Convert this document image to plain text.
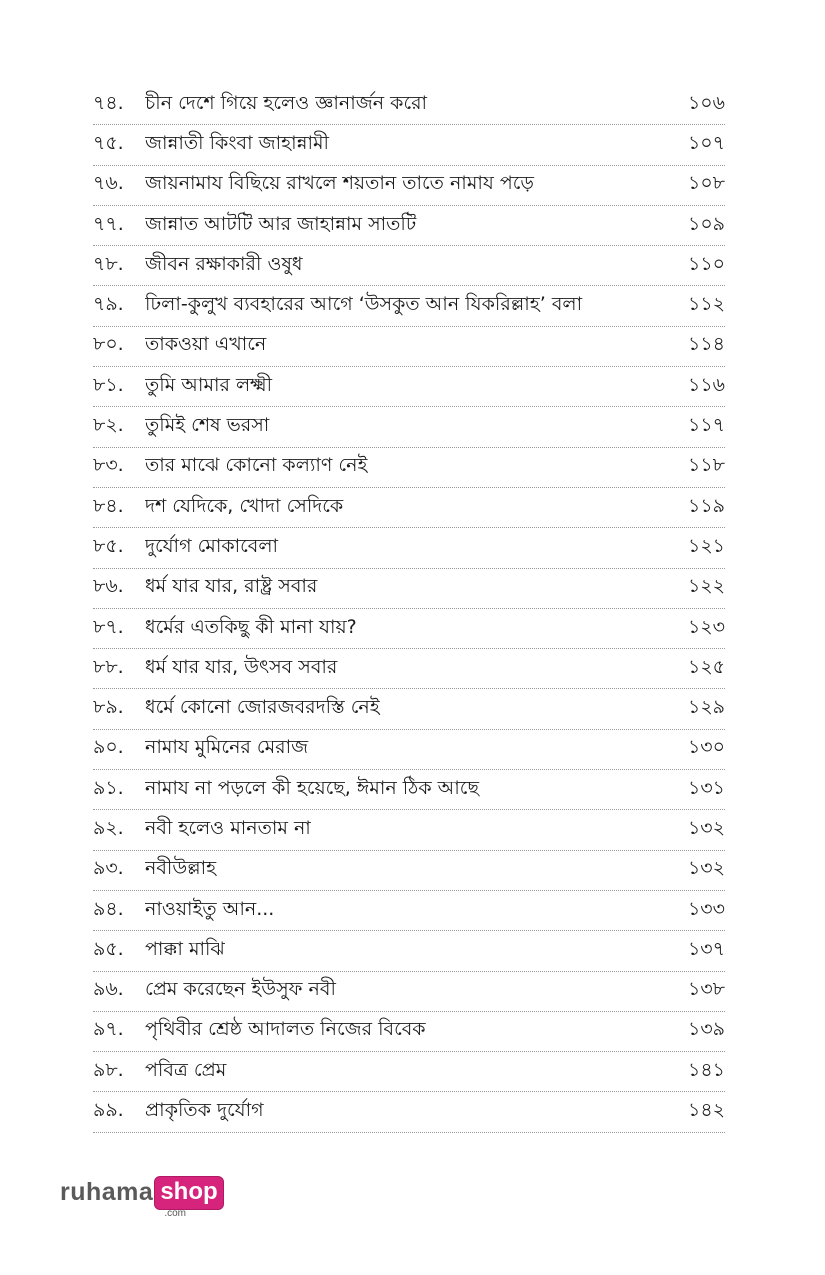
৭৪.	চীন দেশে গিয়ে হলেও জ্ঞানার্জন করো	১০৬
৭৫.	জান্নাতী কিংবা জাহান্নামী	১০৭
৭৬.	জায়নামায বিছিয়ে রাখলে শয়তান তাতে নামায পড়ে	১০৮
৭৭.	জান্নাত আটটি আর জাহান্নাম সাতটি	১০৯
৭৮.	জীবন রক্ষাকারী ওষুধ	১১০
৭৯.	ঢিলা-কুলুখ ব্যবহারের আগে ‘উসকুত আন যিকরিল্লাহ’ বলা	১১২
৮০.	তাকওয়া এখানে	১১৪
৮১.	তুমি আমার লক্ষ্মী	১১৬
৮২.	তুমিই শেষ ভরসা	১১৭
৮৩.	তার মাঝে কোনো কল্যাণ নেই	১১৮
৮৪.	দশ যেদিকে, খোদা সেদিকে	১১৯
৮৫.	দুর্যোগ মোকাবেলা	১২১
৮৬.	ধর্ম যার যার, রাষ্ট্র সবার	১২২
৮৭.	ধর্মের এতকিছু কী মানা যায়?	১২৩
৮৮.	ধর্ম যার যার, উৎসব সবার	১২৫
৮৯.	ধর্মে কোনো জোরজবরদস্তি নেই	১২৯
৯০.	নামায মুমিনের মেরাজ	১৩০
৯১.	নামায না পড়লে কী হয়েছে, ঈমান ঠিক আছে	১৩১
৯২.	নবী হলেও মানতাম না	১৩২
৯৩.	নবীউল্লাহ	১৩২
৯৪.	নাওয়াইতু আন...	১৩৩
৯৫.	পাক্কা মাঝি	১৩৭
৯৬.	প্রেম করেছেন ইউসুফ নবী	১৩৮
৯৭.	পৃথিবীর শ্রেষ্ঠ আদালত নিজের বিবেক	১৩৯
৯৮.	পবিত্র প্রেম	১৪১
৯৯.	প্রাকৃতিক দুর্যোগ	১৪২
ruhama shop
.com
